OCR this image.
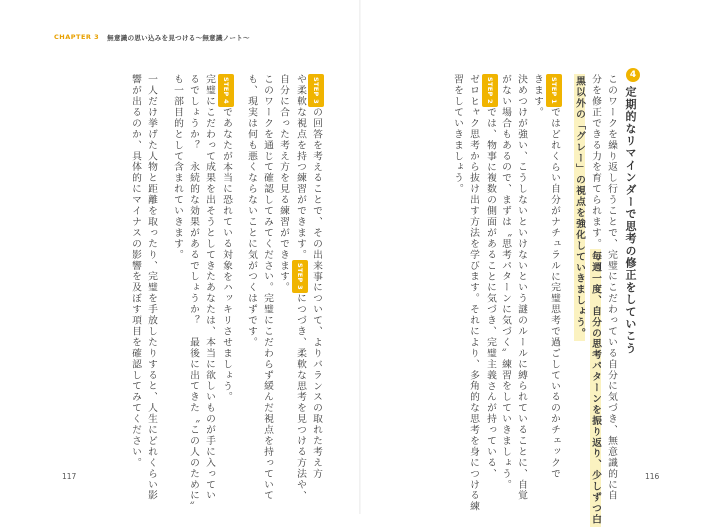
CHAPTER 3 無意識の思い込みを見つける～無意識ノート～
4
定期的なリマインダーで思考の修正をしていこう
このワークを繰り返し行うことで、完璧にこだわっている自分に気づき、無意識的に自
分を修正できる力を育てられます。毎週一度、自分の思考パターンを振り返り、少しずつ白
黒以外の「グレー」の視点を強化していきましょう。
STEP 1ではどれくらい自分がナチュラルに完璧思考で過ごしているのかチェックで
きます。
決めつけが強い、こうしないといけないという謎のルールに縛られていることに、自覚
がない場合もあるので、まずは〝思考パターンに気づく〟練習をしていきましょう。
STEP 2では、物事に複数の側面があることに気づき、完璧主義さんが持っている、
ゼロヒャク思考から抜け出す方法を学びます。それにより、多角的な思考を身につける練
習をしていきましょう。
116
STEP 3の回答を考えることで、その出来事について、よりバランスの取れた考え方
や柔軟な視点を持つ練習ができます。STEP 3につづき、柔軟な思考を見つける方法や、
自分に合った考え方を見る練習ができます。
このワークを通じて確認してみてください。完璧にこだわらず緩んだ視点を持っていて
も、現実は何も悪くならないことに気がつくはずです。
STEP 4であなたが本当に恐れている対象をハッキリさせましょう。
完璧にこだわって成果を出そうとしてきたあなたは、本当に欲しいものが手に入ってい
るでしょうか？　永続的な効果があるでしょうか？　最後に出てきた〝この人のために〟
も一部目的として含まれていきます。
一人だけ挙げた人物と距離を取ったり、完璧を手放したりすると、人生にどれくらい影
響が出るのか、具体的にマイナスの影響を及ぼす項目を確認してみてください。
117
